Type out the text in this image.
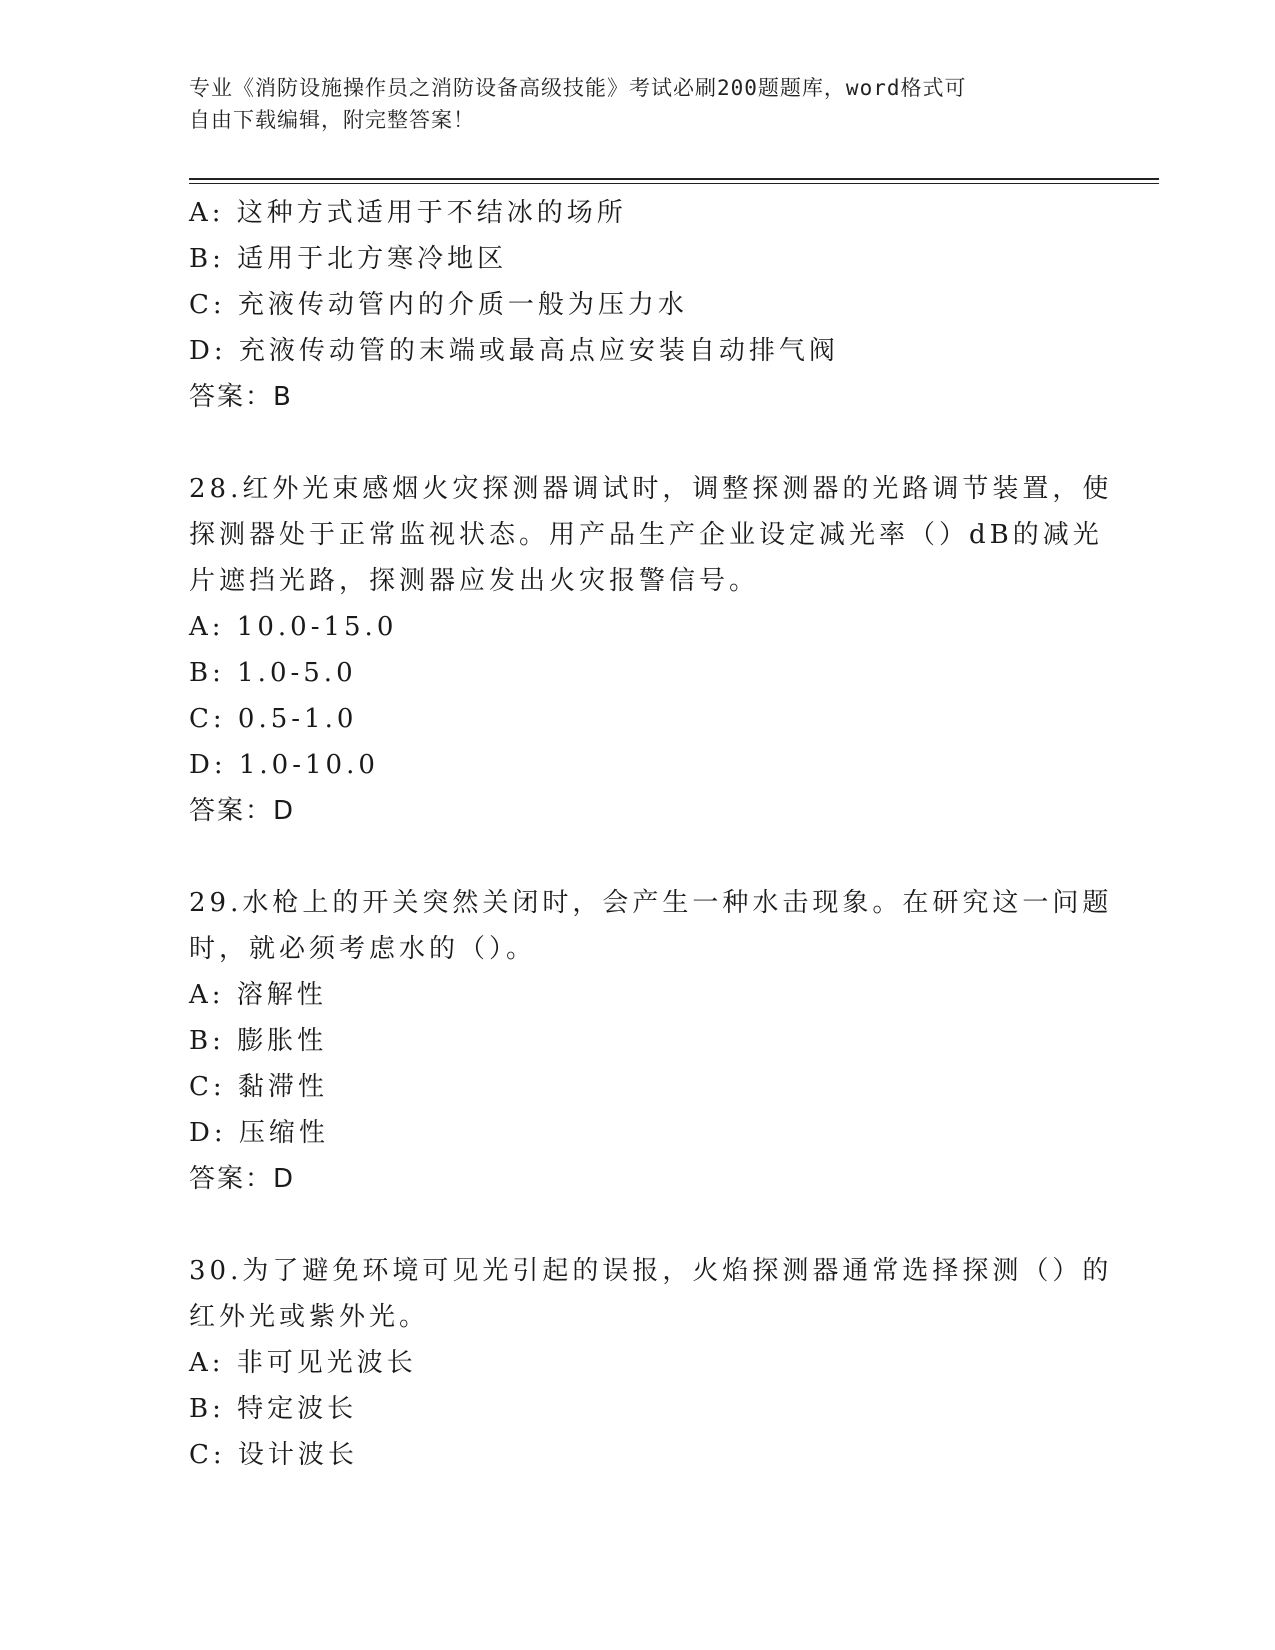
专业《消防设施操作员之消防设备高级技能》考试必刷200题题库，word格式可
自由下载编辑，附完整答案！
A: 这种方式适用于不结冰的场所
B: 适用于北方寒冷地区
C: 充液传动管内的介质一般为压力水
D: 充液传动管的末端或最高点应安装自动排气阀
答案：B
28.红外光束感烟火灾探测器调试时，调整探测器的光路调节装置，使
探测器处于正常监视状态。用产品生产企业设定减光率（）dB的减光
片遮挡光路，探测器应发出火灾报警信号。
A: 10.0-15.0
B: 1.0-5.0
C: 0.5-1.0
D: 1.0-10.0
答案：D
29.水枪上的开关突然关闭时，会产生一种水击现象。在研究这一问题
时，就必须考虑水的（）。
A: 溶解性
B: 膨胀性
C: 黏滞性
D: 压缩性
答案：D
30.为了避免环境可见光引起的误报，火焰探测器通常选择探测（）的
红外光或紫外光。
A: 非可见光波长
B: 特定波长
C: 设计波长
